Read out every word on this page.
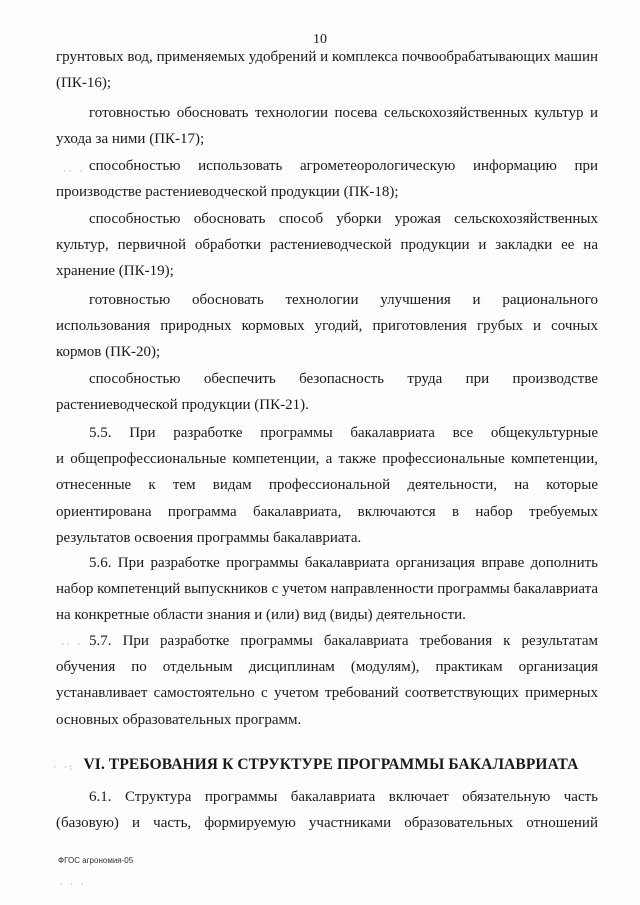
10

грунтовых вод, применяемых удобрений и комплекса почвообрабатывающих машин
(ПК-16);

готовностью обосновать технологии посева сельскохозяйственных культур и
ухода за ними (ПК-17);

способностью использовать агрометеорологическую информацию при
производстве растениеводческой продукции (ПК-18);

способностью обосновать способ уборки урожая сельскохозяйственных
культур, первичной обработки растениеводческой продукции и закладки ее на
хранение (ПК-19);

готовностью обосновать технологии улучшения и рационального
использования природных кормовых угодий, приготовления грубых и сочных
кормов (ПК-20);

способностью обеспечить безопасность труда при производстве
растениеводческой продукции (ПК-21).

5.5. При разработке программы бакалавриата все общекультурные
и общепрофессиональные компетенции, а также профессиональные компетенции,
отнесенные к тем видам профессиональной деятельности, на которые
ориентирована программа бакалавриата, включаются в набор требуемых
результатов освоения программы бакалавриата.

5.6. При разработке программы бакалавриата организация вправе дополнить
набор компетенций выпускников с учетом направленности программы бакалавриата
на конкретные области знания и (или) вид (виды) деятельности.

5.7. При разработке программы бакалавриата требования к результатам
обучения по отдельным дисциплинам (модулям), практикам организация
устанавливает самостоятельно с учетом требований соответствующих примерных
основных образовательных программ.

VI. ТРЕБОВАНИЯ К СТРУКТУРЕ ПРОГРАММЫ БАКАЛАВРИАТА

6.1. Структура программы бакалавриата включает обязательную часть
(базовую) и часть, формируемую участниками образовательных отношений

ФГОС агрономия-05
·· ·
·· ·
· ·:
· · ·
